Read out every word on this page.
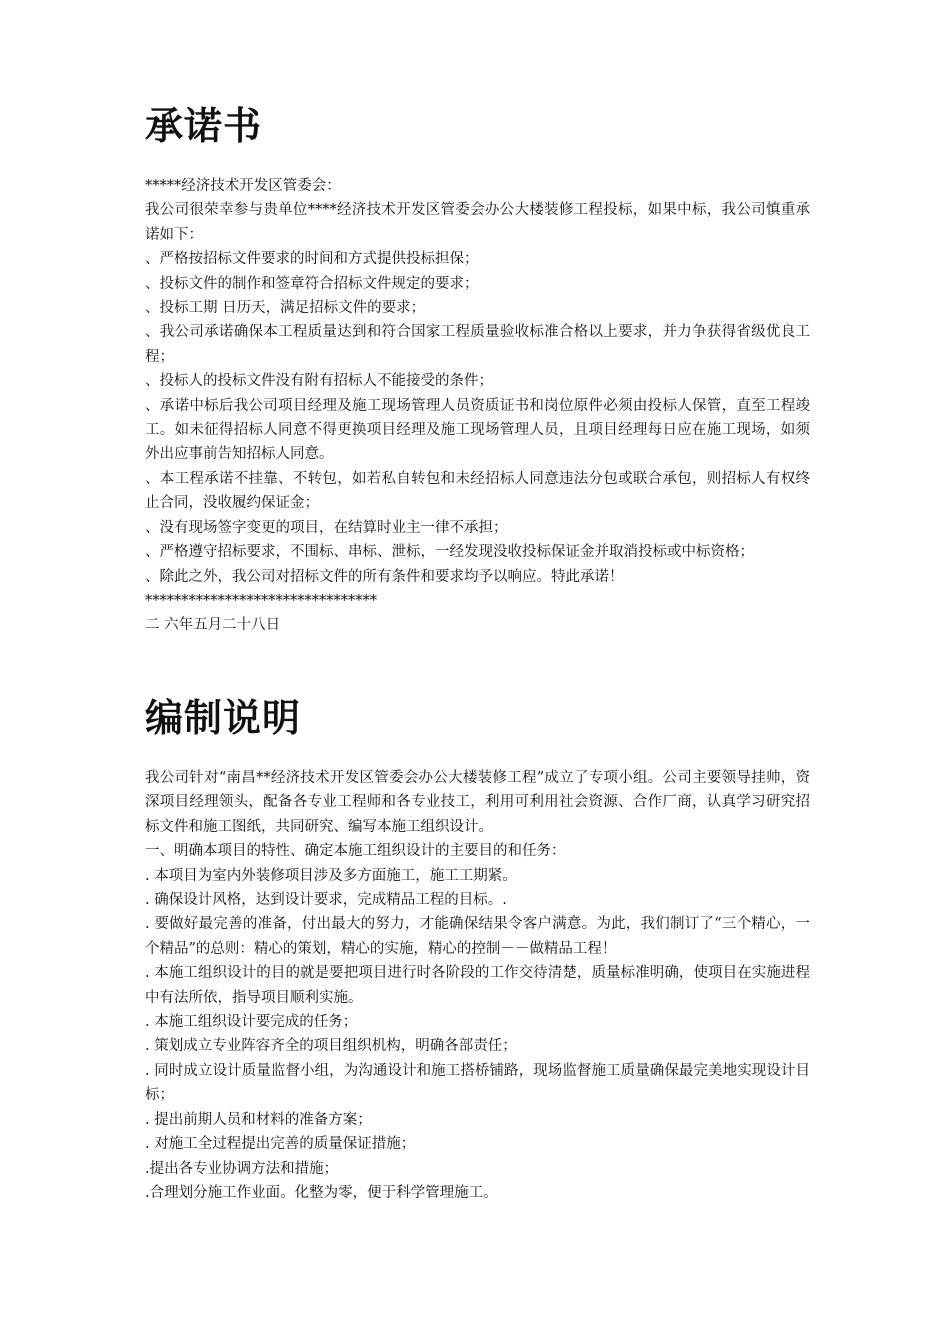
承诺书
*****经济技术开发区管委会：
我公司很荣幸参与贵单位****经济技术开发区管委会办公大楼装修工程投标，如果中标，我公司慎重承诺如下：
、严格按招标文件要求的时间和方式提供投标担保；
、投标文件的制作和签章符合招标文件规定的要求；
、投标工期 日历天，满足招标文件的要求；
、我公司承诺确保本工程质量达到和符合国家工程质量验收标准合格以上要求，并力争获得省级优良工程；
、投标人的投标文件没有附有招标人不能接受的条件；
、承诺中标后我公司项目经理及施工现场管理人员资质证书和岗位原件必须由投标人保管，直至工程竣工。如未征得招标人同意不得更换项目经理及施工现场管理人员，且项目经理每日应在施工现场，如须外出应事前告知招标人同意。
、本工程承诺不挂靠、不转包，如若私自转包和未经招标人同意违法分包或联合承包，则招标人有权终止合同，没收履约保证金；
、没有现场签字变更的项目，在结算时业主一律不承担；
、严格遵守招标要求，不围标、串标、泄标，一经发现没收投标保证金并取消投标或中标资格；
、除此之外，我公司对招标文件的所有条件和要求均予以响应。特此承诺！
********************************
二 六年五月二十八日
编制说明
我公司针对“南昌**经济技术开发区管委会办公大楼装修工程”成立了专项小组。公司主要领导挂帅，资深项目经理领头，配备各专业工程师和各专业技工，利用可利用社会资源、合作厂商，认真学习研究招标文件和施工图纸，共同研究、编写本施工组织设计。
一、明确本项目的特性、确定本施工组织设计的主要目的和任务：
. 本项目为室内外装修项目涉及多方面施工，施工工期紧。
. 确保设计风格，达到设计要求，完成精品工程的目标。.
. 要做好最完善的准备，付出最大的努力，才能确保结果令客户满意。为此，我们制订了“三个精心，一个精品”的总则：精心的策划，精心的实施，精心的控制－－做精品工程！
. 本施工组织设计的目的就是要把项目进行时各阶段的工作交待清楚，质量标准明确，使项目在实施进程中有法所依，指导项目顺利实施。
. 本施工组织设计要完成的任务；
. 策划成立专业阵容齐全的项目组织机构，明确各部责任；
. 同时成立设计质量监督小组，为沟通设计和施工搭桥铺路，现场监督施工质量确保最完美地实现设计目标；
. 提出前期人员和材料的准备方案；
. 对施工全过程提出完善的质量保证措施；
.提出各专业协调方法和措施；
.合理划分施工作业面。化整为零，便于科学管理施工。
